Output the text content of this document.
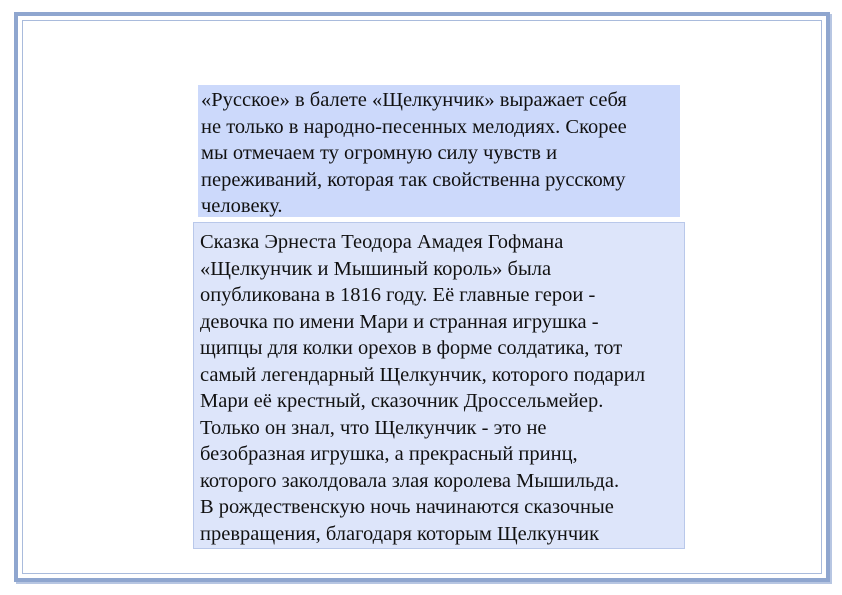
«Русское» в балете «Щелкунчик» выражает себя
не только в народно-песенных мелодиях. Скорее
мы отмечаем ту огромную силу чувств и
переживаний, которая так свойственна русскому
человеку.
Сказка Эрнеста Теодора Амадея Гофмана
«Щелкунчик и Мышиный король» была
опубликована в 1816 году. Её главные герои -
девочка по имени Мари и странная игрушка -
щипцы для колки орехов в форме солдатика, тот
самый легендарный Щелкунчик, которого подарил
Мари её крестный, сказочник Дроссельмейер.
Только он знал, что Щелкунчик - это не
безобразная игрушка, а прекрасный принц,
которого заколдовала злая королева Мышильда.
В рождественскую ночь начинаются сказочные
превращения, благодаря которым Щелкунчик
